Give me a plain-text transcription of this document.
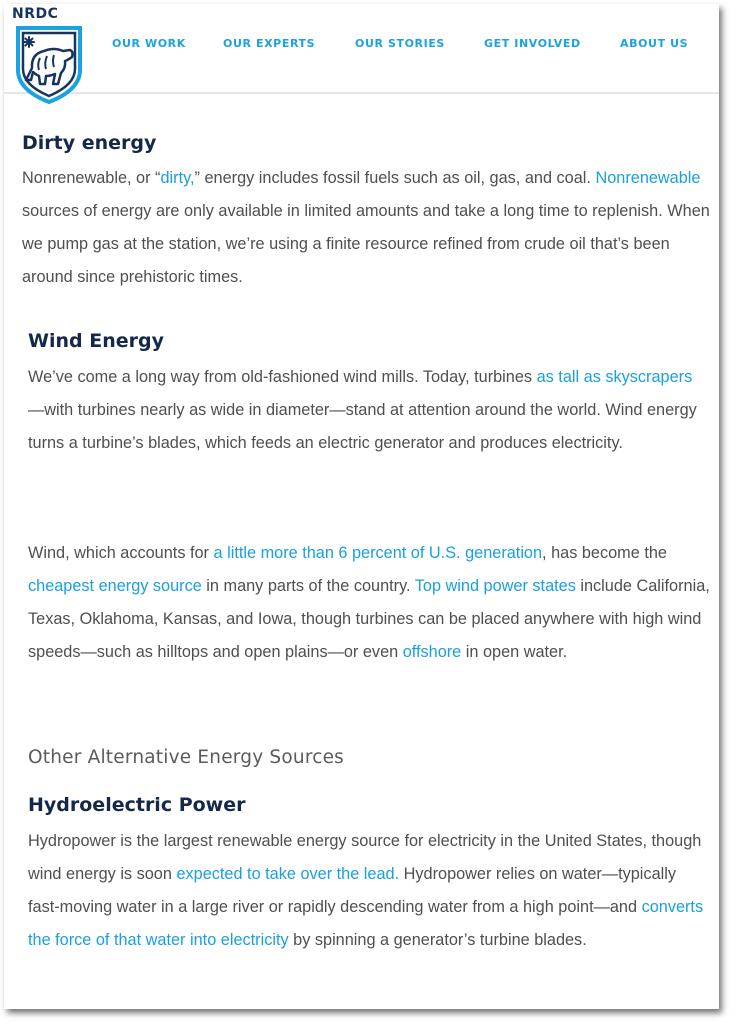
NRDC
OUR WORK	OUR EXPERTS	OUR STORIES	GET INVOLVED	ABOUT US
Dirty energy

Nonrenewable, or “dirty,” energy includes fossil fuels such as oil, gas, and coal. Nonrenewable sources of energy are only available in limited amounts and take a long time to replenish. When we pump gas at the station, we’re using a finite resource refined from crude oil that’s been around since prehistoric times.

Wind Energy

We’ve come a long way from old-fashioned wind mills. Today, turbines as tall as skyscrapers—with turbines nearly as wide in diameter—stand at attention around the world. Wind energy turns a turbine’s blades, which feeds an electric generator and produces electricity.

Wind, which accounts for a little more than 6 percent of U.S. generation, has become the cheapest energy source in many parts of the country. Top wind power states include California, Texas, Oklahoma, Kansas, and Iowa, though turbines can be placed anywhere with high wind speeds—such as hilltops and open plains—or even offshore in open water.

Other Alternative Energy Sources
Hydroelectric Power

Hydropower is the largest renewable energy source for electricity in the United States, though wind energy is soon expected to take over the lead. Hydropower relies on water—typically fast-moving water in a large river or rapidly descending water from a high point—and converts the force of that water into electricity by spinning a generator’s turbine blades.
